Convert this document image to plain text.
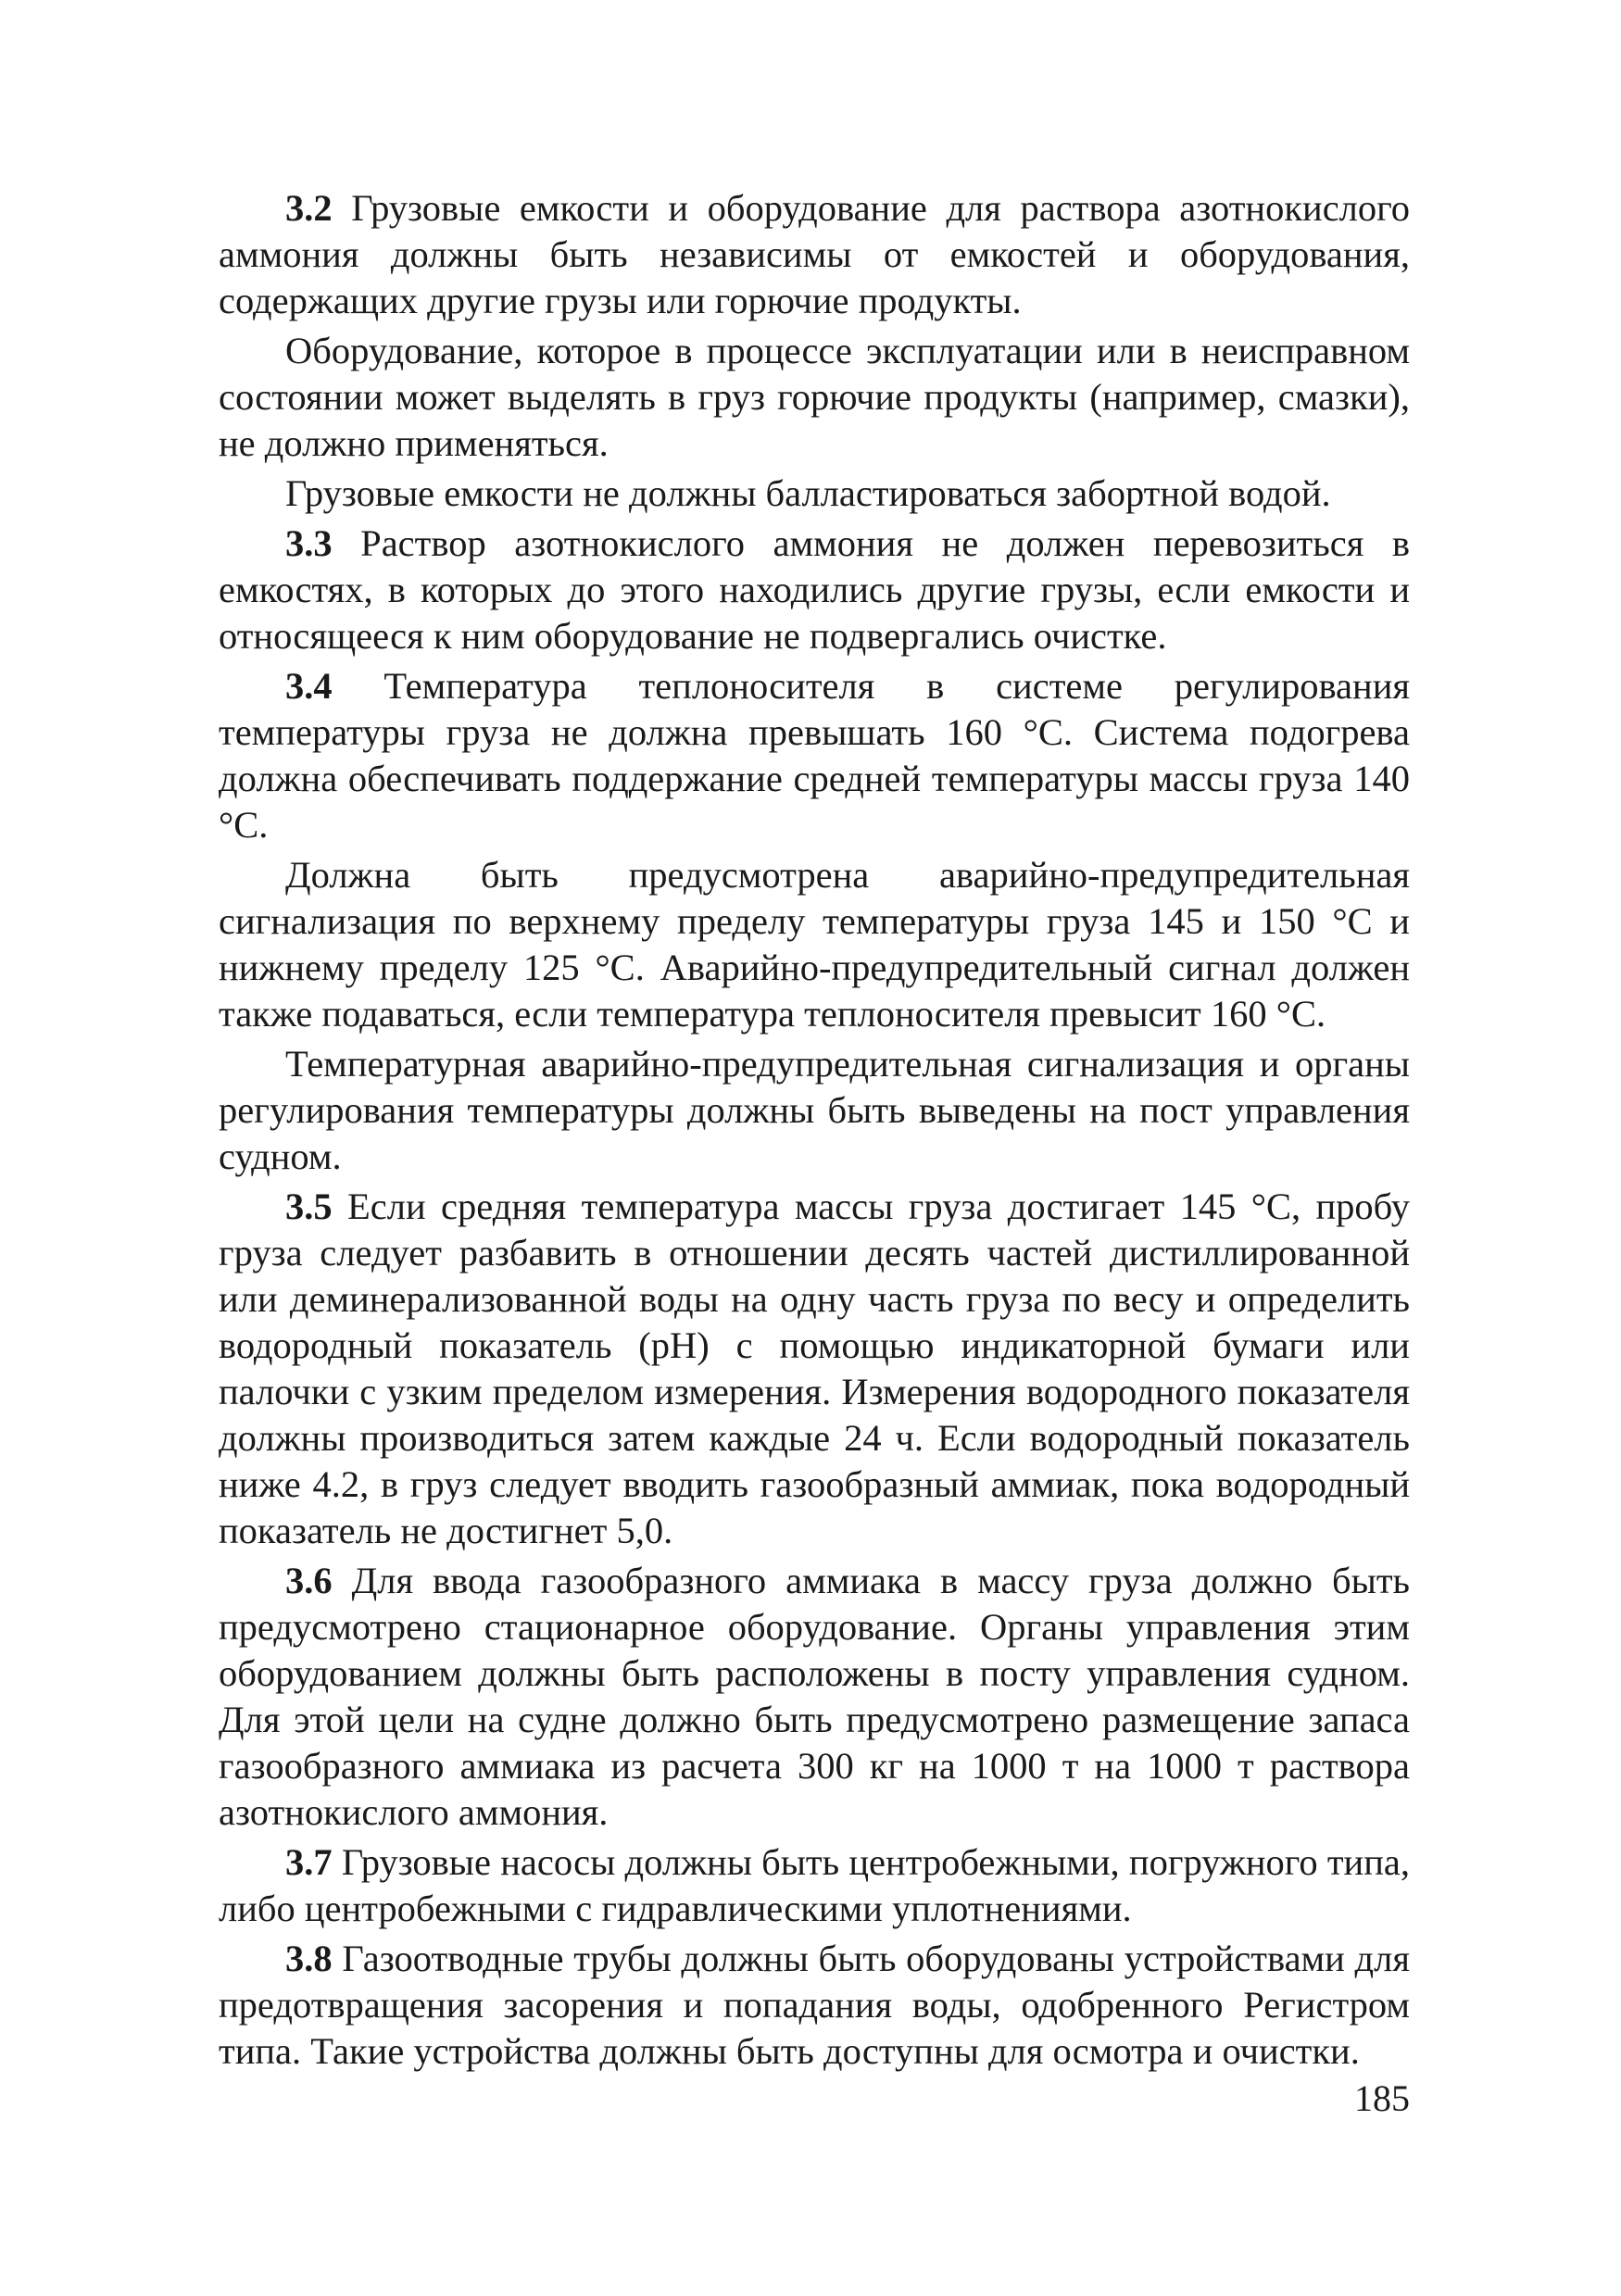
3.2 Грузовые емкости и оборудование для раствора азотнокислого аммония должны быть независимы от емкостей и оборудования, содержащих другие грузы или горючие продукты.

Оборудование, которое в процессе эксплуатации или в неисправном состоянии может выделять в груз горючие продукты (например, смазки), не должно применяться.

Грузовые емкости не должны балластироваться забортной водой.

3.3 Раствор азотнокислого аммония не должен перевозиться в емкостях, в которых до этого находились другие грузы, если емкости и относящееся к ним оборудование не подвергались очистке.

3.4 Температура теплоносителя в системе регулирования температуры груза не должна превышать 160 °C. Система подогрева должна обеспечивать поддержание средней температуры массы груза 140 °C.

Должна быть предусмотрена аварийно-предупредительная сигнализация по верхнему пределу температуры груза 145 и 150 °C и нижнему пределу 125 °C. Аварийно-предупредительный сигнал должен также подаваться, если температура теплоносителя превысит 160 °C.

Температурная аварийно-предупредительная сигнализация и органы регулирования температуры должны быть выведены на пост управления судном.

3.5 Если средняя температура массы груза достигает 145 °C, пробу груза следует разбавить в отношении десять частей дистиллированной или деминерализованной воды на одну часть груза по весу и определить водородный показатель (pH) с помощью индикаторной бумаги или палочки с узким пределом измерения. Измерения водородного показателя должны производиться затем каждые 24 ч. Если водородный показатель ниже 4.2, в груз следует вводить газообразный аммиак, пока водородный показатель не достигнет 5,0.

3.6 Для ввода газообразного аммиака в массу груза должно быть предусмотрено стационарное оборудование. Органы управления этим оборудованием должны быть расположены в посту управления судном. Для этой цели на судне должно быть предусмотрено размещение запаса газообразного аммиака из расчета 300 кг на 1000 т на 1000 т раствора азотнокислого аммония.

3.7 Грузовые насосы должны быть центробежными, погружного типа, либо центробежными с гидравлическими уплотнениями.

3.8 Газоотводные трубы должны быть оборудованы устройствами для предотвращения засорения и попадания воды, одобренного Регистром типа. Такие устройства должны быть доступны для осмотра и очистки.

185
